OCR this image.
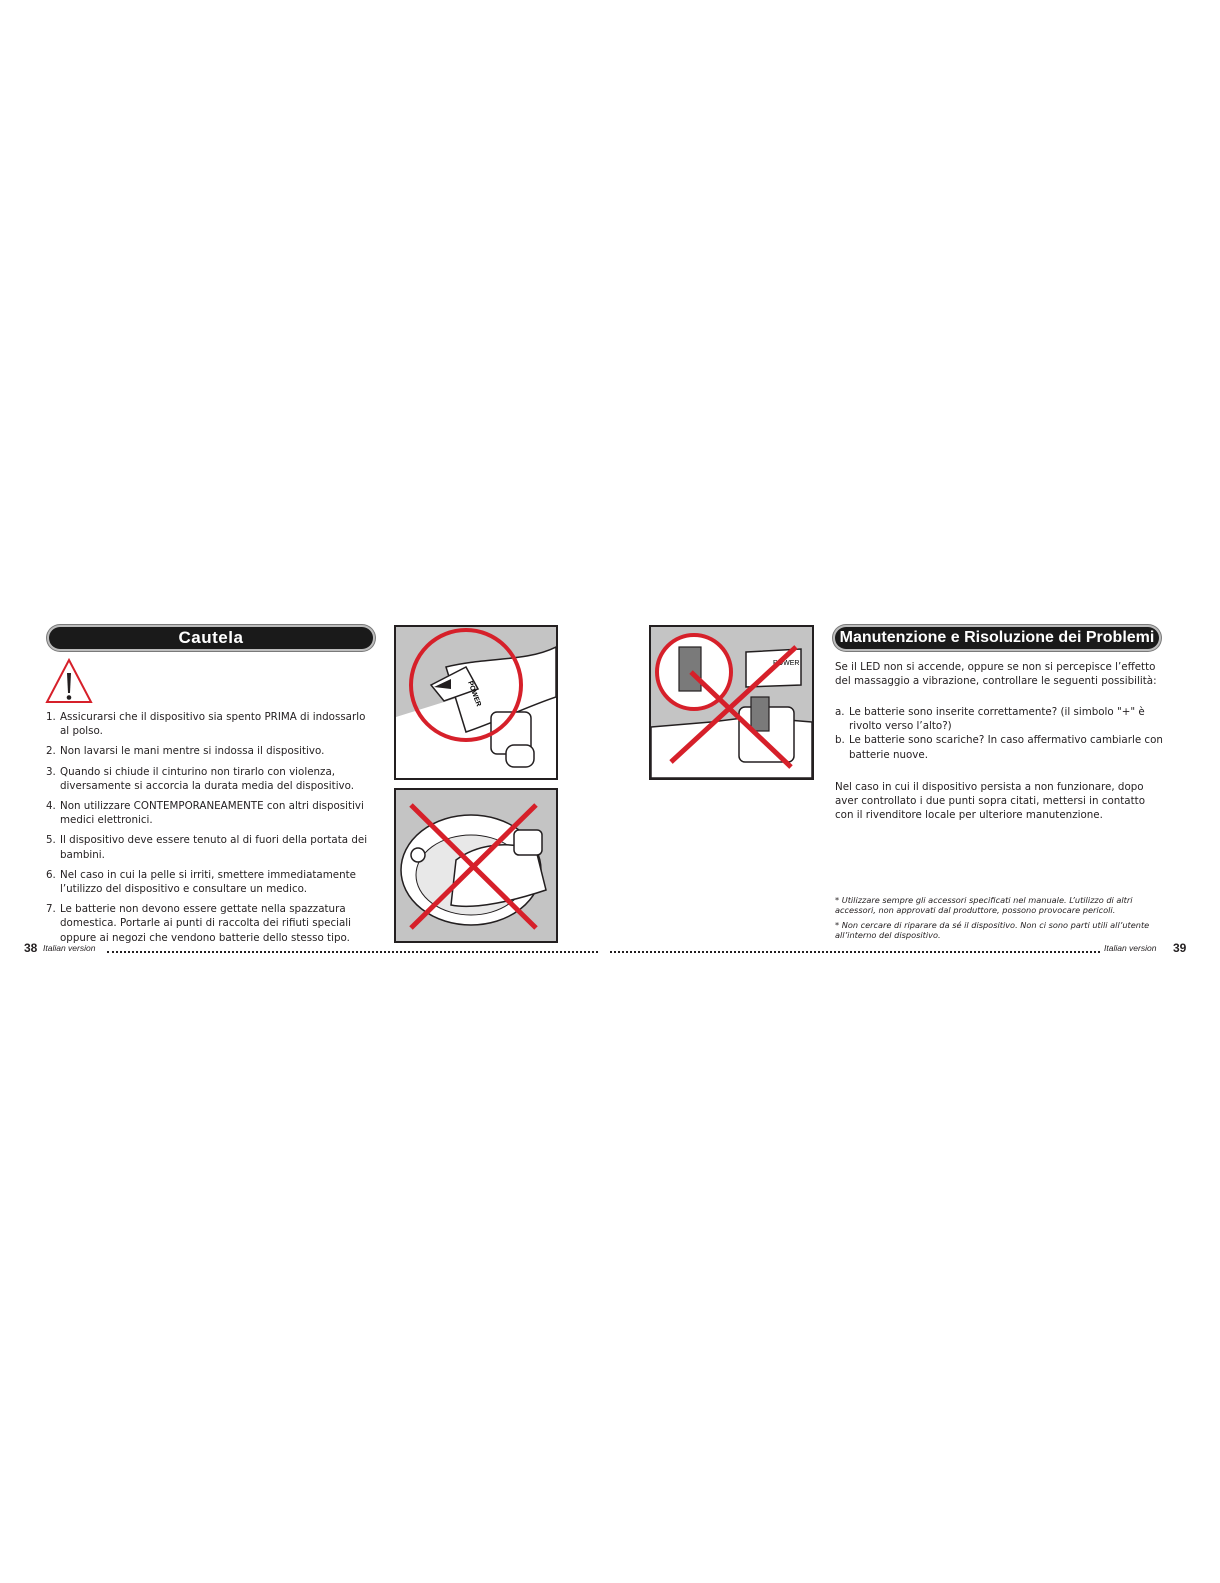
Cautela
1. Assicurarsi che il dispositivo sia spento PRIMA di indossarlo al polso.
2. Non lavarsi le mani mentre si indossa il dispositivo.
3. Quando si chiude il cinturino non tirarlo con violenza, diversamente si accorcia la durata media del dispositivo.
4. Non utilizzare CONTEMPORANEAMENTE con altri dispositivi medici elettronici.
5. Il dispositivo deve essere tenuto al di fuori della portata dei bambini.
6. Nel caso in cui la pelle si irriti, smettere immediatamente l’utilizzo del dispositivo e consultare un medico.
7. Le batterie non devono essere gettate nella spazzatura domestica. Portarle ai punti di raccolta dei rifiuti speciali oppure ai negozi che vendono batterie dello stesso tipo.
POWER
38 Italian version
POWER
Manutenzione e Risoluzione dei Problemi
Se il LED non si accende, oppure se non si percepisce l’effetto del massaggio a vibrazione, controllare le seguenti possibilità:
a. Le batterie sono inserite correttamente? (il simbolo "+" è rivolto verso l’alto?)
b. Le batterie sono scariche? In caso affermativo cambiarle con batterie nuove.
Nel caso in cui il dispositivo persista a non funzionare, dopo aver controllato i due punti sopra citati, mettersi in contatto con il rivenditore locale per ulteriore manutenzione.
* Utilizzare sempre gli accessori specificati nel manuale. L’utilizzo di altri accessori, non approvati dal produttore, possono provocare pericoli.
* Non cercare di riparare da sé il dispositivo. Non ci sono parti utili all’utente all’interno del dispositivo.
Italian version 39
